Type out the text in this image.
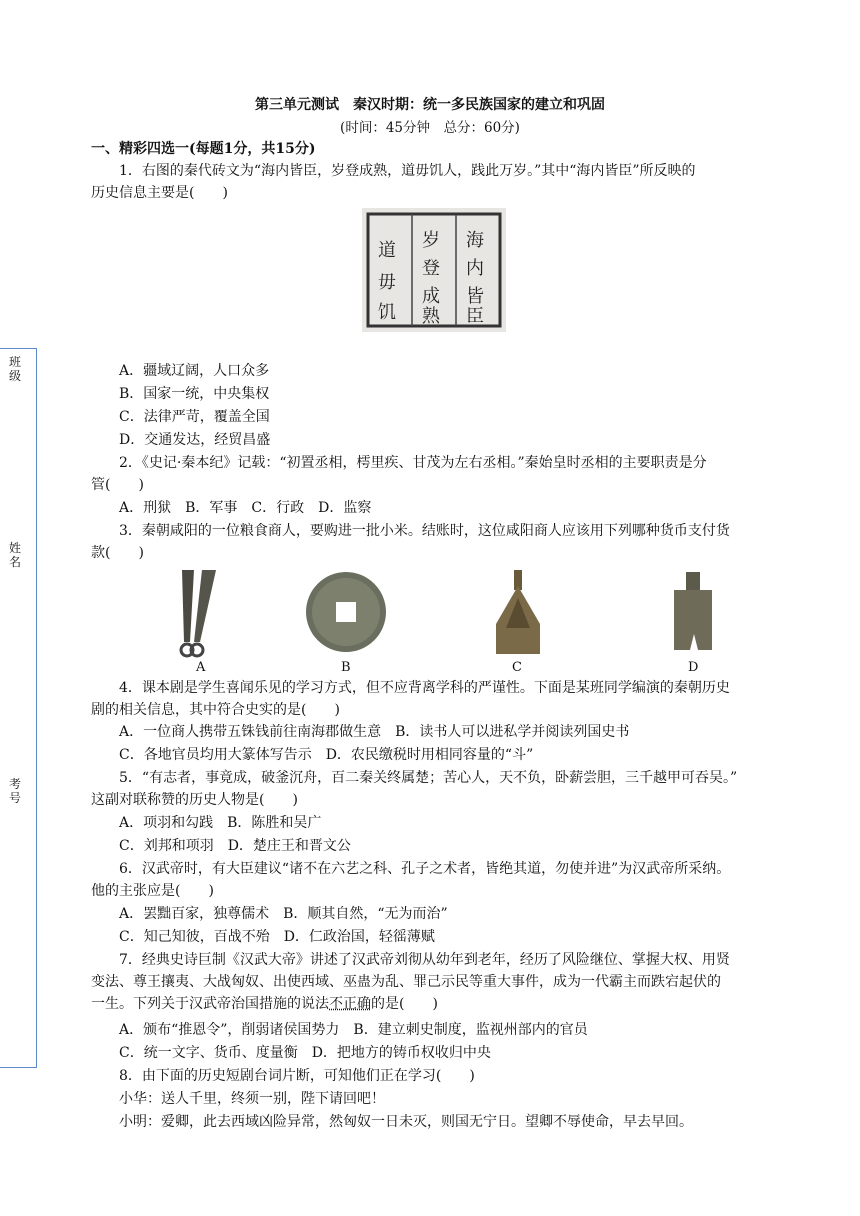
班级
姓名
考号
第三单元测试　秦汉时期：统一多民族国家的建立和巩固
(时间：45分钟　总分：60分)
一、精彩四选一(每题1分，共15分)
1．右图的秦代砖文为“海内皆臣，岁登成熟，道毋饥人，践此万岁。”其中“海内皆臣”所反映的
历史信息主要是(　　)
海
内
皆
臣
岁
登
成
熟
道
毋
饥
A．疆域辽阔，人口众多
B．国家一统，中央集权
C．法律严苛，覆盖全国
D．交通发达，经贸昌盛
2．《史记·秦本纪》记载：“初置丞相，樗里疾、甘茂为左右丞相。”秦始皇时丞相的主要职责是分
管(　　)
A．刑狱　B．军事　C．行政　D．监察
3．秦朝咸阳的一位粮食商人，要购进一批小米。结账时，这位咸阳商人应该用下列哪种货币支付货
款(　　)
A	B	C	D
4．课本剧是学生喜闻乐见的学习方式，但不应背离学科的严谨性。下面是某班同学编演的秦朝历史
剧的相关信息，其中符合史实的是(　　)
A．一位商人携带五铢钱前往南海郡做生意　B．读书人可以进私学并阅读列国史书
C．各地官员均用大篆体写告示　D．农民缴税时用相同容量的“斗”
5．“有志者，事竟成，破釜沉舟，百二秦关终属楚；苦心人，天不负，卧薪尝胆，三千越甲可吞吴。”
这副对联称赞的历史人物是(　　)
A．项羽和勾践　B．陈胜和吴广
C．刘邦和项羽　D．楚庄王和晋文公
6．汉武帝时，有大臣建议“诸不在六艺之科、孔子之术者，皆绝其道，勿使并进”为汉武帝所采纳。
他的主张应是(　　)
A．罢黜百家，独尊儒术　B．顺其自然，“无为而治”
C．知己知彼，百战不殆　D．仁政治国，轻徭薄赋
7．经典史诗巨制《汉武大帝》讲述了汉武帝刘彻从幼年到老年，经历了风险继位、掌握大权、用贤
变法、尊王攘夷、大战匈奴、出使西域、巫蛊为乱、罪己示民等重大事件，成为一代霸主而跌宕起伏的
一生。下列关于汉武帝治国措施的说法不正确的是(　　)
A．颁布“推恩令”，削弱诸侯国势力　B．建立刺史制度，监视州部内的官员
C．统一文字、货币、度量衡　D．把地方的铸币权收归中央
8．由下面的历史短剧台词片断，可知他们正在学习(　　)
小华：送人千里，终须一别，陛下请回吧！
小明：爱卿，此去西域凶险异常，然匈奴一日未灭，则国无宁日。望卿不辱使命，早去早回。
